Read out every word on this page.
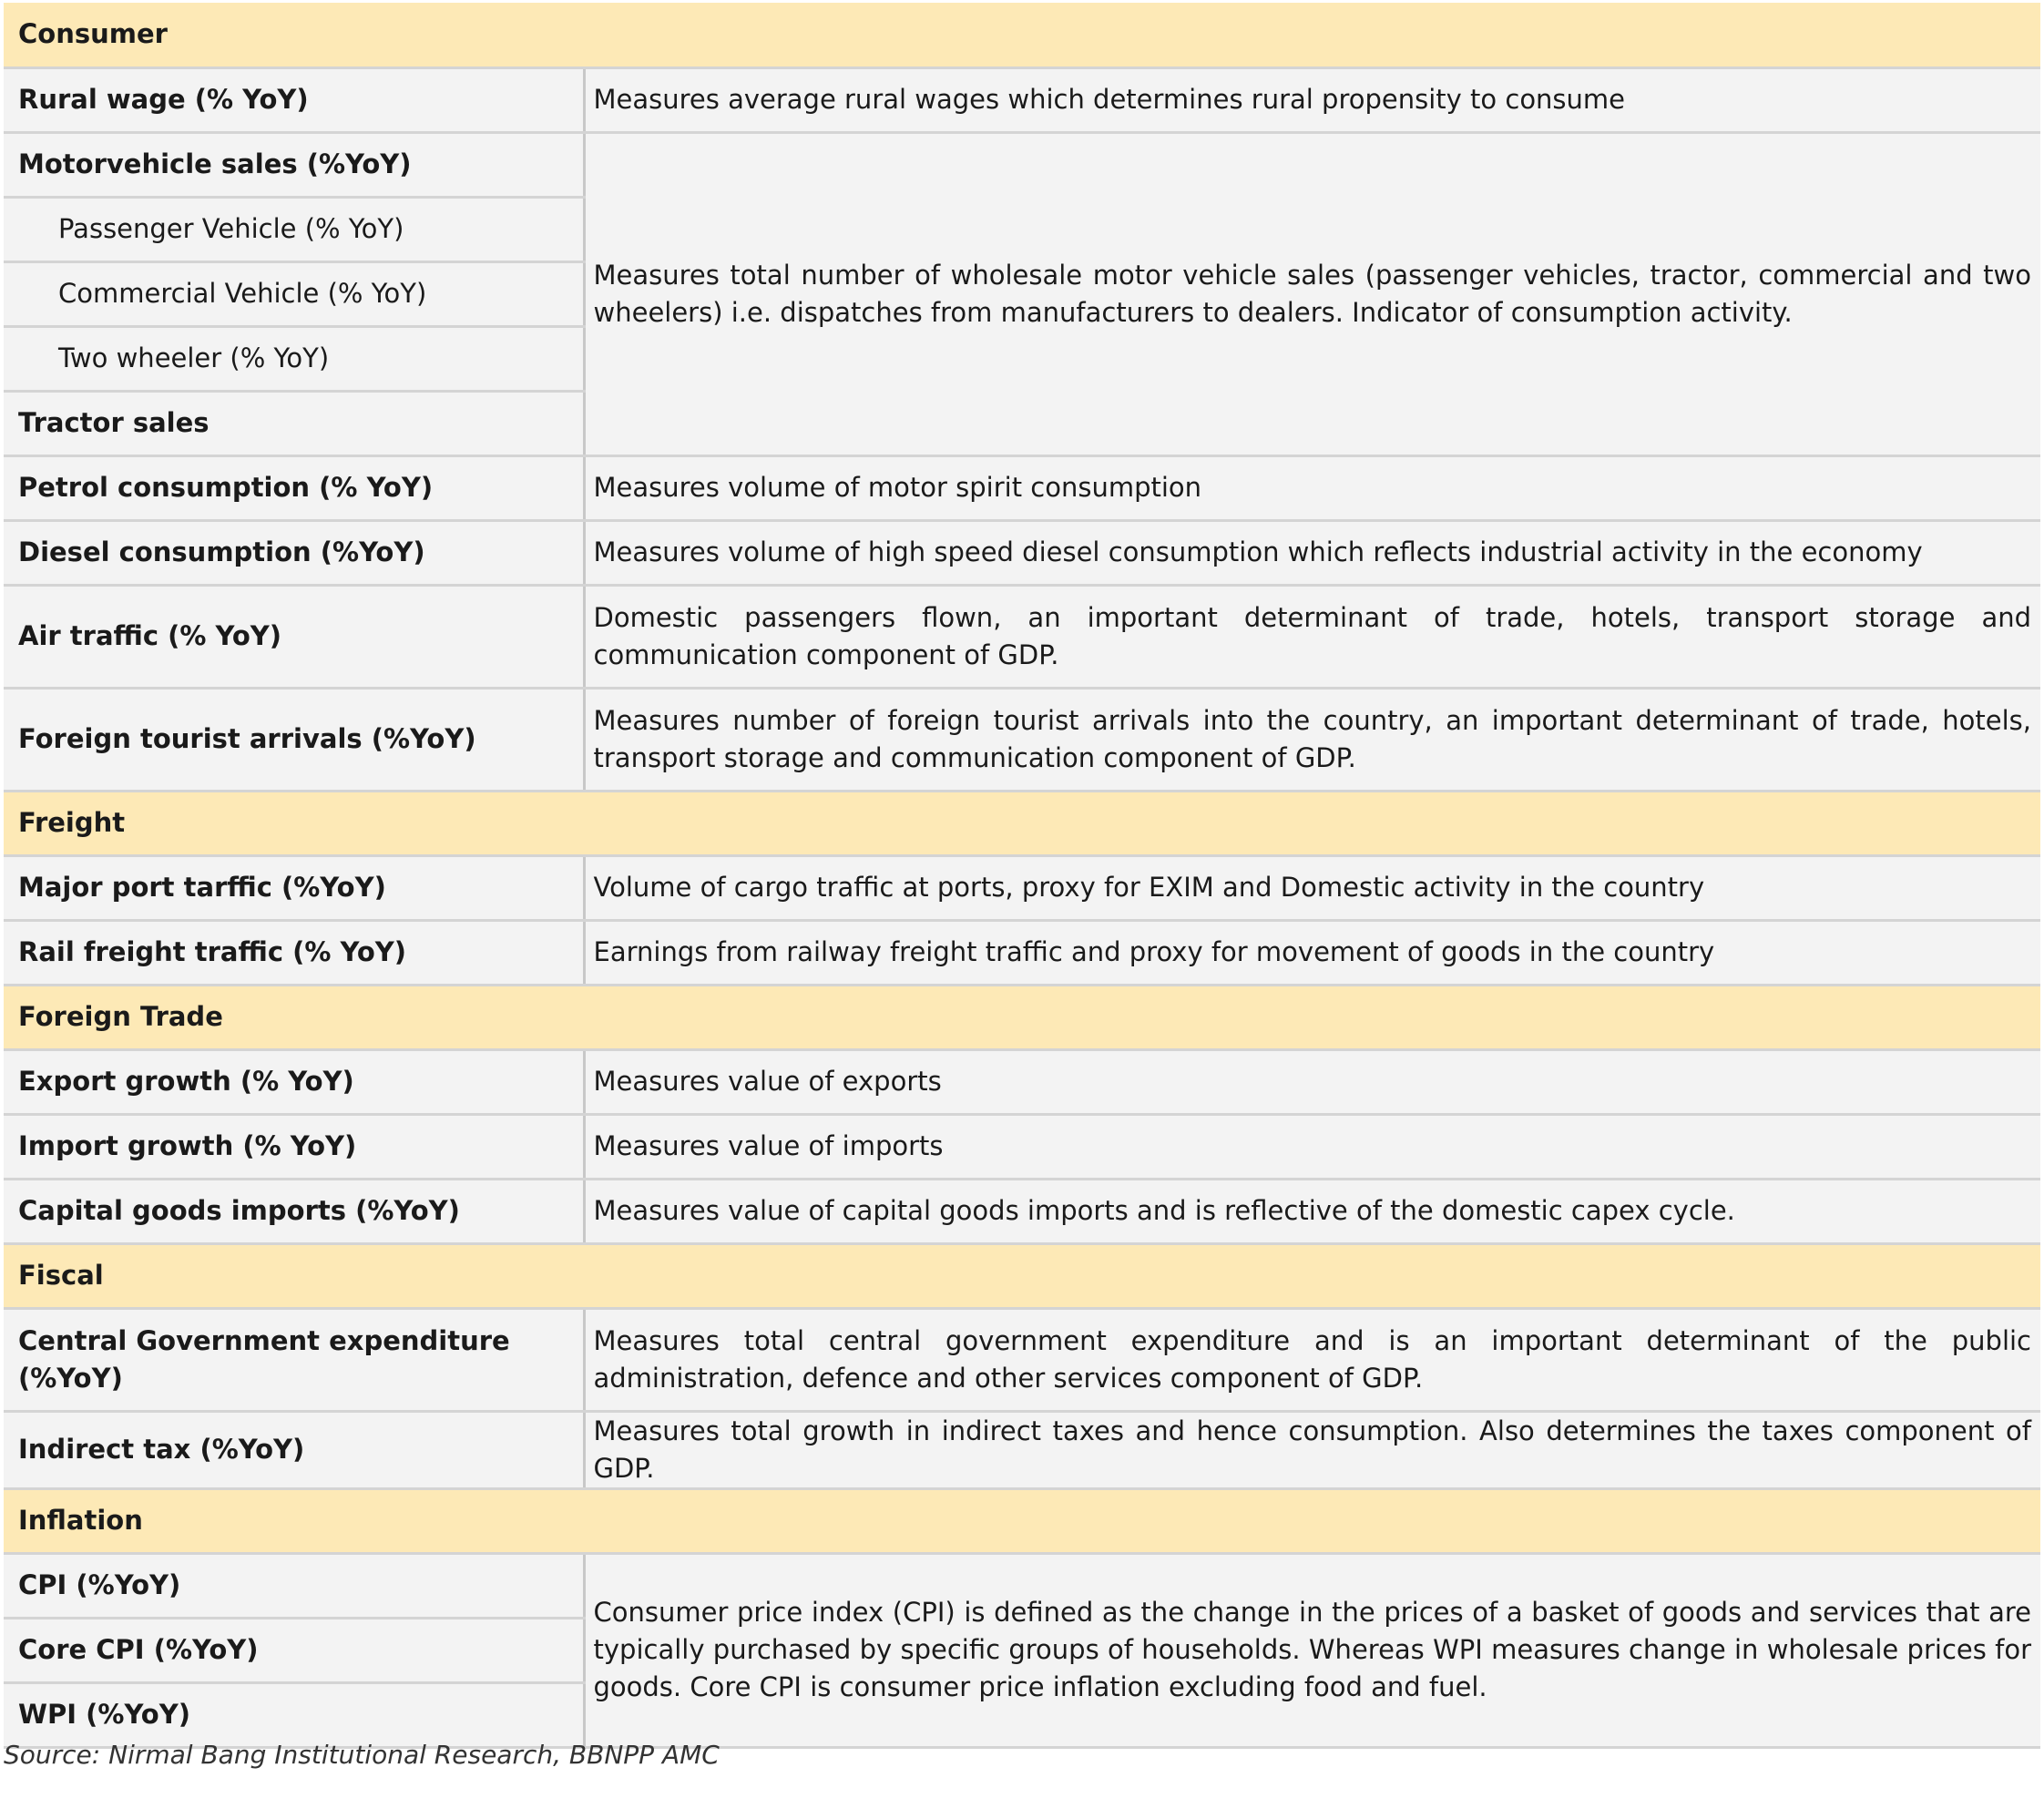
Consumer	
Rural wage (% YoY)	Measures average rural wages which determines rural propensity to consume
Motorvehicle sales (%YoY)	Measures total number of wholesale motor vehicle sales (passenger vehicles, tractor, commercial and two wheelers) i.e. dispatches from manufacturers to dealers. Indicator of consumption activity.
Passenger Vehicle (% YoY)	
Commercial Vehicle (% YoY)	
Two wheeler (% YoY)	
Tractor sales	
Petrol consumption (% YoY)	Measures volume of motor spirit consumption
Diesel consumption (%YoY)	Measures volume of high speed diesel consumption which reflects industrial activity in the economy
Air traffic (% YoY)	Domestic passengers flown, an important determinant of trade, hotels, transport storage and communication component of GDP.
Foreign tourist arrivals (%YoY)	Measures number of foreign tourist arrivals into the country, an important determinant of trade, hotels, transport storage and communication component of GDP.
Freight	
Major port tarffic (%YoY)	Volume of cargo traffic at ports, proxy for EXIM and Domestic activity in the country
Rail freight traffic (% YoY)	Earnings from railway freight traffic and proxy for movement of goods in the country
Foreign Trade	
Export growth (% YoY)	Measures value of exports
Import growth (% YoY)	Measures value of imports
Capital goods imports (%YoY)	Measures value of capital goods imports and is reflective of the domestic capex cycle.
Fiscal	
Central Government expenditure (%YoY)	Measures total central government expenditure and is an important determinant of the public administration, defence and other services component of GDP.
Indirect tax (%YoY)	Measures total growth in indirect taxes and hence consumption. Also determines the taxes component of GDP.
Inflation	
CPI (%YoY)	Consumer price index (CPI) is defined as the change in the prices of a basket of goods and services that are typically purchased by specific groups of households. Whereas WPI measures change in wholesale prices for goods. Core CPI is consumer price inflation excluding food and fuel.
Core CPI (%YoY)	
WPI (%YoY)	
Source: Nirmal Bang Institutional Research, BBNPP AMC
